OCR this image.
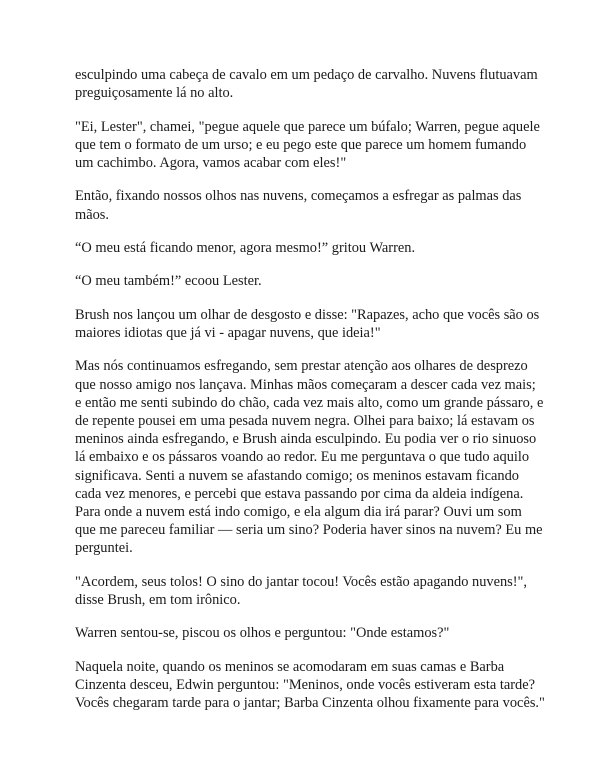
esculpindo uma cabeça de cavalo em um pedaço de carvalho. Nuvens flutuavam preguiçosamente lá no alto.

"Ei, Lester", chamei, "pegue aquele que parece um búfalo; Warren, pegue aquele que tem o formato de um urso; e eu pego este que parece um homem fumando um cachimbo. Agora, vamos acabar com eles!"

Então, fixando nossos olhos nas nuvens, começamos a esfregar as palmas das mãos.

“O meu está ficando menor, agora mesmo!” gritou Warren.

“O meu também!” ecoou Lester.

Brush nos lançou um olhar de desgosto e disse: "Rapazes, acho que vocês são os maiores idiotas que já vi - apagar nuvens, que ideia!"

Mas nós continuamos esfregando, sem prestar atenção aos olhares de desprezo que nosso amigo nos lançava. Minhas mãos começaram a descer cada vez mais; e então me senti subindo do chão, cada vez mais alto, como um grande pássaro, e de repente pousei em uma pesada nuvem negra. Olhei para baixo; lá estavam os meninos ainda esfregando, e Brush ainda esculpindo. Eu podia ver o rio sinuoso lá embaixo e os pássaros voando ao redor. Eu me perguntava o que tudo aquilo significava. Senti a nuvem se afastando comigo; os meninos estavam ficando cada vez menores, e percebi que estava passando por cima da aldeia indígena. Para onde a nuvem está indo comigo, e ela algum dia irá parar? Ouvi um som que me pareceu familiar — seria um sino? Poderia haver sinos na nuvem? Eu me perguntei.

"Acordem, seus tolos! O sino do jantar tocou! Vocês estão apagando nuvens!", disse Brush, em tom irônico.

Warren sentou-se, piscou os olhos e perguntou: "Onde estamos?"

Naquela noite, quando os meninos se acomodaram em suas camas e Barba Cinzenta desceu, Edwin perguntou: "Meninos, onde vocês estiveram esta tarde? Vocês chegaram tarde para o jantar; Barba Cinzenta olhou fixamente para vocês."
